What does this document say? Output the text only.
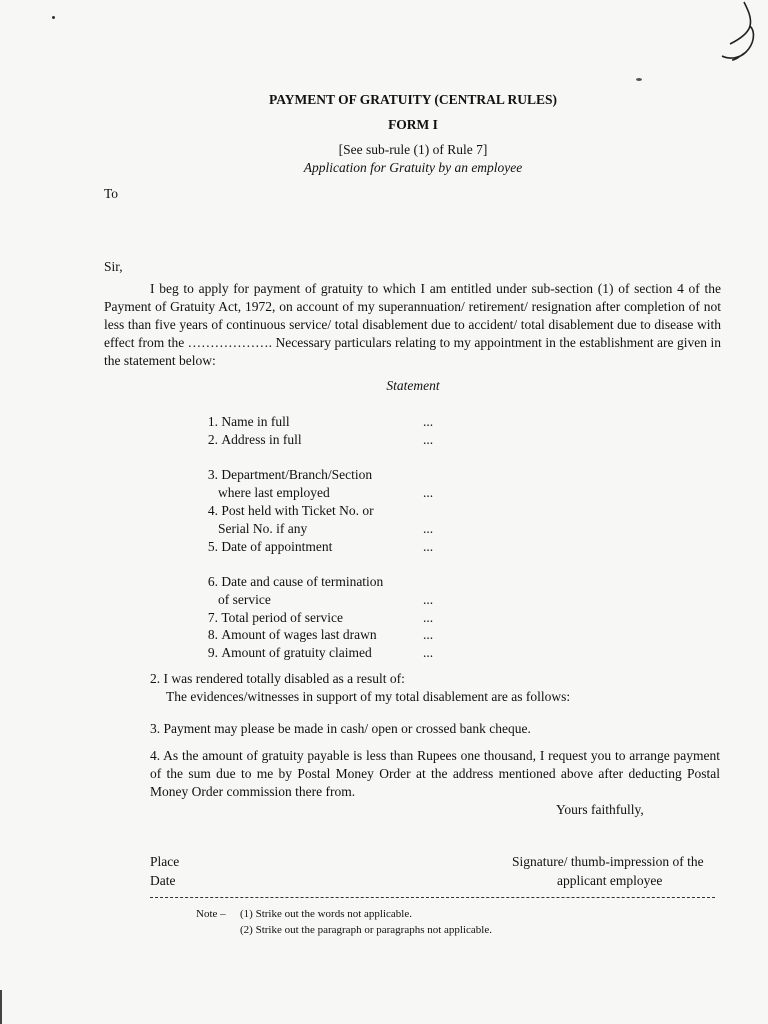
PAYMENT OF GRATUITY (CENTRAL RULES)
FORM I
[See sub-rule (1) of Rule 7]
Application for Gratuity by an employee
To
Sir,
I beg to apply for payment of gratuity to which I am entitled under sub-section (1) of section 4 of the Payment of Gratuity Act, 1972, on account of my superannuation/ retirement/ resignation after completion of not less than five years of continuous service/ total disablement due to accident/ total disablement due to disease with effect from the ………………. Necessary particulars relating to my appointment in the establishment are given in the statement below:
Statement
1. Name in full	...
2. Address in full	...
3. Department/Branch/Section
where last employed	...
4. Post held with Ticket No. or
Serial No. if any	...
5. Date of appointment	...
6. Date and cause of termination
of service	...
7. Total period of service	...
8. Amount of wages last drawn	...
9. Amount of gratuity claimed	...
2. I was rendered totally disabled as a result of:
The evidences/witnesses in support of my total disablement are as follows:
3. Payment may please be made in cash/ open or crossed bank cheque.
4. As the amount of gratuity payable is less than Rupees one thousand, I request you to arrange payment of the sum due to me by Postal Money Order at the address mentioned above after deducting Postal Money Order commission there from.
Yours faithfully,
Place
Date
Signature/ thumb-impression of the
applicant employee
Note – (1) Strike out the words not applicable.
(2) Strike out the paragraph or paragraphs not applicable.
